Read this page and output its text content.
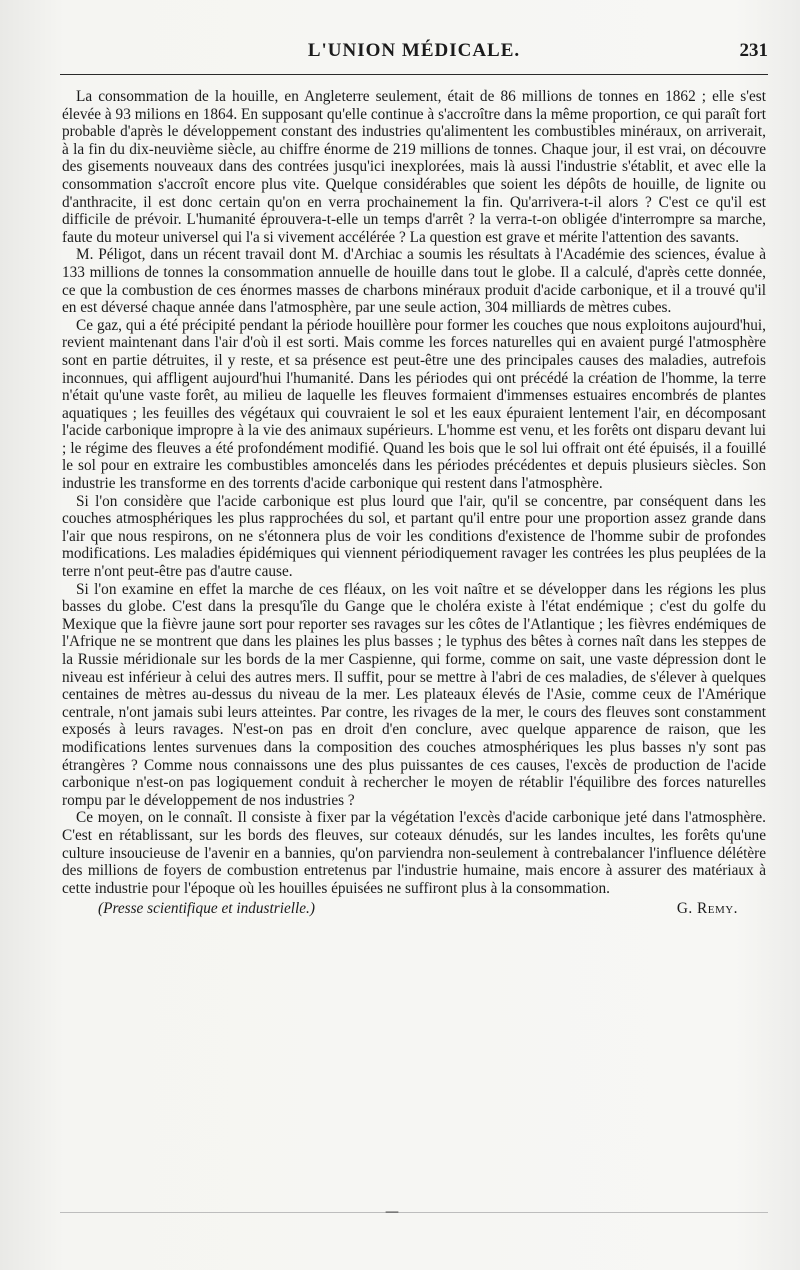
L'UNION MÉDICALE.	231

La consommation de la houille, en Angleterre seulement, était de 86 millions de tonnes en 1862 ; elle s'est élevée à 93 milions en 1864. En supposant qu'elle continue à s'accroître dans la même proportion, ce qui paraît fort probable d'après le développement constant des industries qu'alimentent les combustibles minéraux, on arriverait, à la fin du dix-neuvième siècle, au chiffre énorme de 219 millions de tonnes. Chaque jour, il est vrai, on découvre des gisements nouveaux dans des contrées jusqu'ici inexplorées, mais là aussi l'industrie s'établit, et avec elle la consommation s'accroît encore plus vite. Quelque considérables que soient les dépôts de houille, de lignite ou d'anthracite, il est donc certain qu'on en verra prochainement la fin. Qu'arrivera-t-il alors ? C'est ce qu'il est difficile de prévoir. L'humanité éprouvera-t-elle un temps d'arrêt ? la verra-t-on obligée d'interrompre sa marche, faute du moteur universel qui l'a si vivement accélérée ? La question est grave et mérite l'attention des savants.

M. Péligot, dans un récent travail dont M. d'Archiac a soumis les résultats à l'Académie des sciences, évalue à 133 millions de tonnes la consommation annuelle de houille dans tout le globe. Il a calculé, d'après cette donnée, ce que la combustion de ces énormes masses de charbons minéraux produit d'acide carbonique, et il a trouvé qu'il en est déversé chaque année dans l'atmosphère, par une seule action, 304 milliards de mètres cubes.

Ce gaz, qui a été précipité pendant la période houillère pour former les couches que nous exploitons aujourd'hui, revient maintenant dans l'air d'où il est sorti. Mais comme les forces naturelles qui en avaient purgé l'atmosphère sont en partie détruites, il y reste, et sa présence est peut-être une des principales causes des maladies, autrefois inconnues, qui affligent aujourd'hui l'humanité. Dans les périodes qui ont précédé la création de l'homme, la terre n'était qu'une vaste forêt, au milieu de laquelle les fleuves formaient d'immenses estuaires encombrés de plantes aquatiques ; les feuilles des végétaux qui couvraient le sol et les eaux épuraient lentement l'air, en décomposant l'acide carbonique impropre à la vie des animaux supérieurs. L'homme est venu, et les forêts ont disparu devant lui ; le régime des fleuves a été profondément modifié. Quand les bois que le sol lui offrait ont été épuisés, il a fouillé le sol pour en extraire les combustibles amoncelés dans les périodes précédentes et depuis plusieurs siècles. Son industrie les transforme en des torrents d'acide carbonique qui restent dans l'atmosphère.

Si l'on considère que l'acide carbonique est plus lourd que l'air, qu'il se concentre, par conséquent dans les couches atmosphériques les plus rapprochées du sol, et partant qu'il entre pour une proportion assez grande dans l'air que nous respirons, on ne s'étonnera plus de voir les conditions d'existence de l'homme subir de profondes modifications. Les maladies épidémiques qui viennent périodiquement ravager les contrées les plus peuplées de la terre n'ont peut-être pas d'autre cause.

Si l'on examine en effet la marche de ces fléaux, on les voit naître et se développer dans les régions les plus basses du globe. C'est dans la presqu'île du Gange que le choléra existe à l'état endémique ; c'est du golfe du Mexique que la fièvre jaune sort pour reporter ses ravages sur les côtes de l'Atlantique ; les fièvres endémiques de l'Afrique ne se montrent que dans les plaines les plus basses ; le typhus des bêtes à cornes naît dans les steppes de la Russie méridionale sur les bords de la mer Caspienne, qui forme, comme on sait, une vaste dépression dont le niveau est inférieur à celui des autres mers. Il suffit, pour se mettre à l'abri de ces maladies, de s'élever à quelques centaines de mètres au-dessus du niveau de la mer. Les plateaux élevés de l'Asie, comme ceux de l'Amérique centrale, n'ont jamais subi leurs atteintes. Par contre, les rivages de la mer, le cours des fleuves sont constamment exposés à leurs ravages. N'est-on pas en droit d'en conclure, avec quelque apparence de raison, que les modifications lentes survenues dans la composition des couches atmosphériques les plus basses n'y sont pas étrangères ? Comme nous connaissons une des plus puissantes de ces causes, l'excès de production de l'acide carbonique n'est-on pas logiquement conduit à rechercher le moyen de rétablir l'équilibre des forces naturelles rompu par le développement de nos industries ?

Ce moyen, on le connaît. Il consiste à fixer par la végétation l'excès d'acide carbonique jeté dans l'atmosphère. C'est en rétablissant, sur les bords des fleuves, sur coteaux dénudés, sur les landes incultes, les forêts qu'une culture insoucieuse de l'avenir en a bannies, qu'on parviendra non-seulement à contrebalancer l'influence délétère des millions de foyers de combustion entretenus par l'industrie humaine, mais encore à assurer des matériaux à cette industrie pour l'époque où les houilles épuisées ne suffiront plus à la consommation.

(Presse scientifique et industrielle.)	G. Remy.
—
